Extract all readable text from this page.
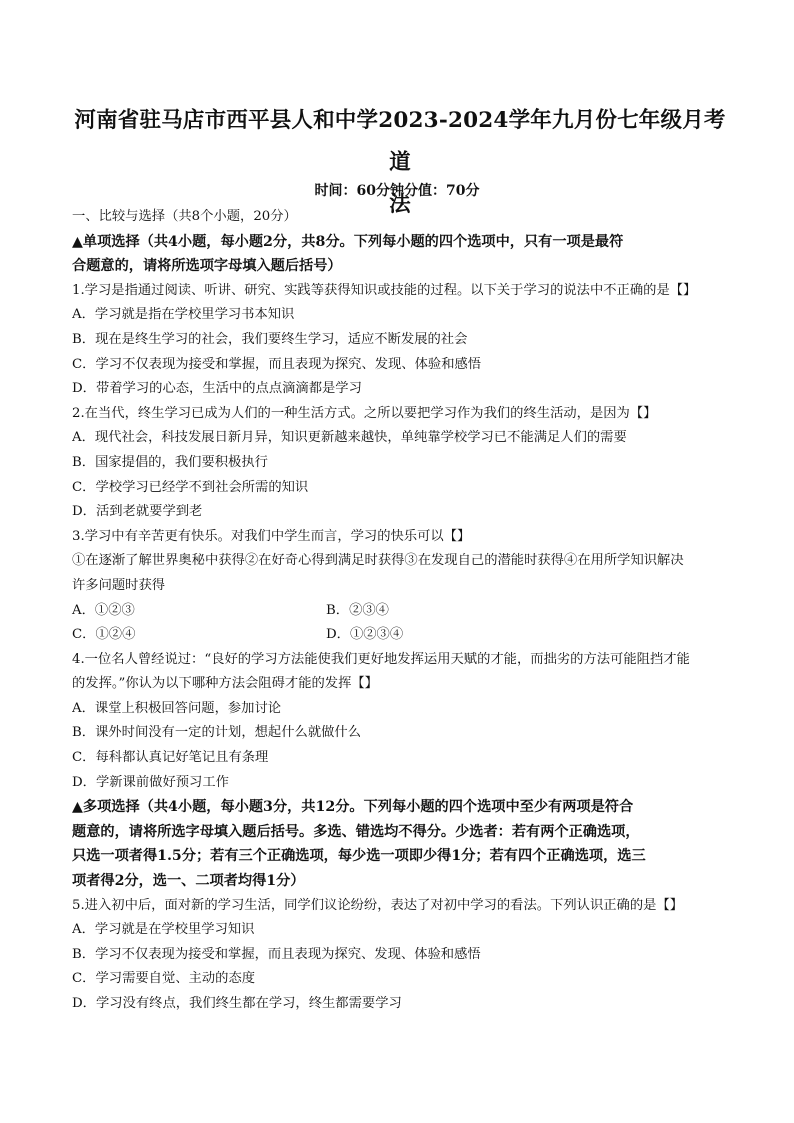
河南省驻马店市西平县人和中学2023-2024学年九月份七年级月考道
法
时间：60分钟分值：70分
一、比较与选择（共8个小题，20分）
▲单项选择（共4小题，每小题2分，共8分。下列每小题的四个选项中，只有一项是最符
合题意的，请将所选项字母填入题后括号）
1.学习是指通过阅读、听讲、研究、实践等获得知识或技能的过程。以下关于学习的说法中不正确的是【】
A．学习就是指在学校里学习书本知识
B．现在是终生学习的社会，我们要终生学习，适应不断发展的社会
C．学习不仅表现为接受和掌握，而且表现为探究、发现、体验和感悟
D．带着学习的心态，生活中的点点滴滴都是学习
2.在当代，终生学习已成为人们的一种生活方式。之所以要把学习作为我们的终生活动，是因为【】
A．现代社会，科技发展日新月异，知识更新越来越快，单纯靠学校学习已不能满足人们的需要
B．国家提倡的，我们要积极执行
C．学校学习已经学不到社会所需的知识
D．活到老就要学到老
3.学习中有辛苦更有快乐。对我们中学生而言，学习的快乐可以【】
①在逐渐了解世界奥秘中获得②在好奇心得到满足时获得③在发现自己的潜能时获得④在用所学知识解决
许多问题时获得
A．①②③	B．②③④
C．①②④	D．①②③④
4.一位名人曾经说过：“良好的学习方法能使我们更好地发挥运用天赋的才能，而拙劣的方法可能阻挡才能
的发挥。”你认为以下哪种方法会阻碍才能的发挥【】
A．课堂上积极回答问题，参加讨论
B．课外时间没有一定的计划，想起什么就做什么
C．每科都认真记好笔记且有条理
D．学新课前做好预习工作
▲多项选择（共4小题，每小题3分，共12分。下列每小题的四个选项中至少有两项是符合
题意的，请将所选字母填入题后括号。多选、错选均不得分。少选者：若有两个正确选项，
只选一项者得1.5分；若有三个正确选项，每少选一项即少得1分；若有四个正确选项，选三
项者得2分，选一、二项者均得1分）
5.进入初中后，面对新的学习生活，同学们议论纷纷，表达了对初中学习的看法。下列认识正确的是【】
A．学习就是在学校里学习知识
B．学习不仅表现为接受和掌握，而且表现为探究、发现、体验和感悟
C．学习需要自觉、主动的态度
D．学习没有终点，我们终生都在学习，终生都需要学习
